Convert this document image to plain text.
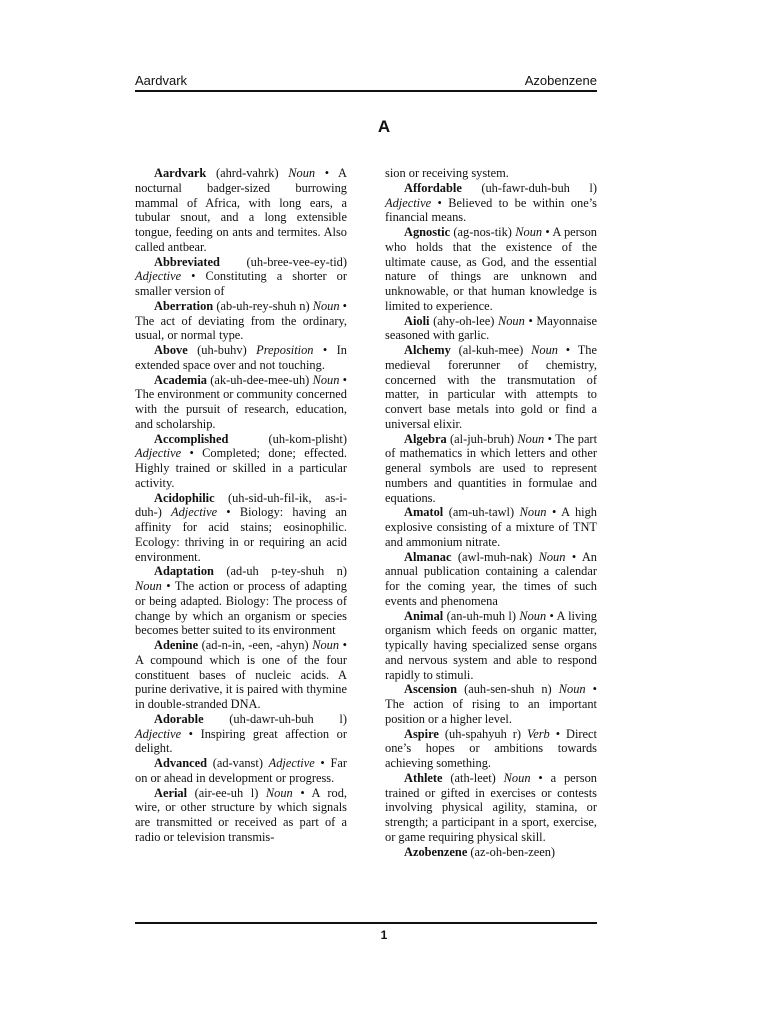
Aardvark	Azobenzene
A

Aardvark (ahrd-vahrk) Noun • A nocturnal badger-sized burrowing mammal of Africa, with long ears, a tubular snout, and a long extensible tongue, feeding on ants and termites. Also called antbear.

Abbreviated (uh-bree-vee-ey-tid) Adjective • Constituting a shorter or smaller version of

Aberration (ab-uh-rey-shuh n) Noun • The act of deviating from the ordinary, usual, or normal type.

Above (uh-buhv) Preposition • In extended space over and not touching.

Academia (ak-uh-dee-mee-uh) Noun • The environment or community concerned with the pursuit of research, education, and scholarship.

Accomplished (uh-kom-plisht) Adjective • Completed; done; effected. Highly trained or skilled in a particular activity.

Acidophilic (uh-sid-uh-fil-ik, as-i-duh-) Adjective • Biology: having an affinity for acid stains; eosinophilic. Ecology: thriving in or requiring an acid environment.

Adaptation (ad-uh p-tey-shuh n) Noun • The action or process of adapting or being adapted. Biology: The process of change by which an organism or species becomes better suited to its environment

Adenine (ad-n-in, -een, -ahyn) Noun • A compound which is one of the four constituent bases of nucleic acids. A purine derivative, it is paired with thymine in double-stranded DNA.

Adorable (uh-dawr-uh-buh l) Adjective • Inspiring great affection or delight.

Advanced (ad-vanst) Adjective • Far on or ahead in development or progress.

Aerial (air-ee-uh l) Noun • A rod, wire, or other structure by which signals are transmitted or received as part of a radio or television transmis-

sion or receiving system.

Affordable (uh-fawr-duh-buh l) Adjective • Believed to be within one’s financial means.

Agnostic (ag-nos-tik) Noun • A person who holds that the existence of the ultimate cause, as God, and the essential nature of things are unknown and unknowable, or that human knowledge is limited to experience.

Aioli (ahy-oh-lee) Noun • Mayonnaise seasoned with garlic.

Alchemy (al-kuh-mee) Noun • The medieval forerunner of chemistry, concerned with the transmutation of matter, in particular with attempts to convert base metals into gold or find a universal elixir.

Algebra (al-juh-bruh) Noun • The part of mathematics in which letters and other general symbols are used to represent numbers and quantities in formulae and equations.

Amatol (am-uh-tawl) Noun • A high explosive consisting of a mixture of TNT and ammonium nitrate.

Almanac (awl-muh-nak) Noun • An annual publication containing a calendar for the coming year, the times of such events and phenomena

Animal (an-uh-muh l) Noun • A living organism which feeds on organic matter, typically having specialized sense organs and nervous system and able to respond rapidly to stimuli.

Ascension (auh-sen-shuh n) Noun • The action of rising to an important position or a higher level.

Aspire (uh-spahyuh r) Verb • Direct one’s hopes or ambitions towards achieving something.

Athlete (ath-leet) Noun • a person trained or gifted in exercises or contests involving physical agility, stamina, or strength; a participant in a sport, exercise, or game requiring physical skill.

Azobenzene (az-oh-ben-zeen)

1
